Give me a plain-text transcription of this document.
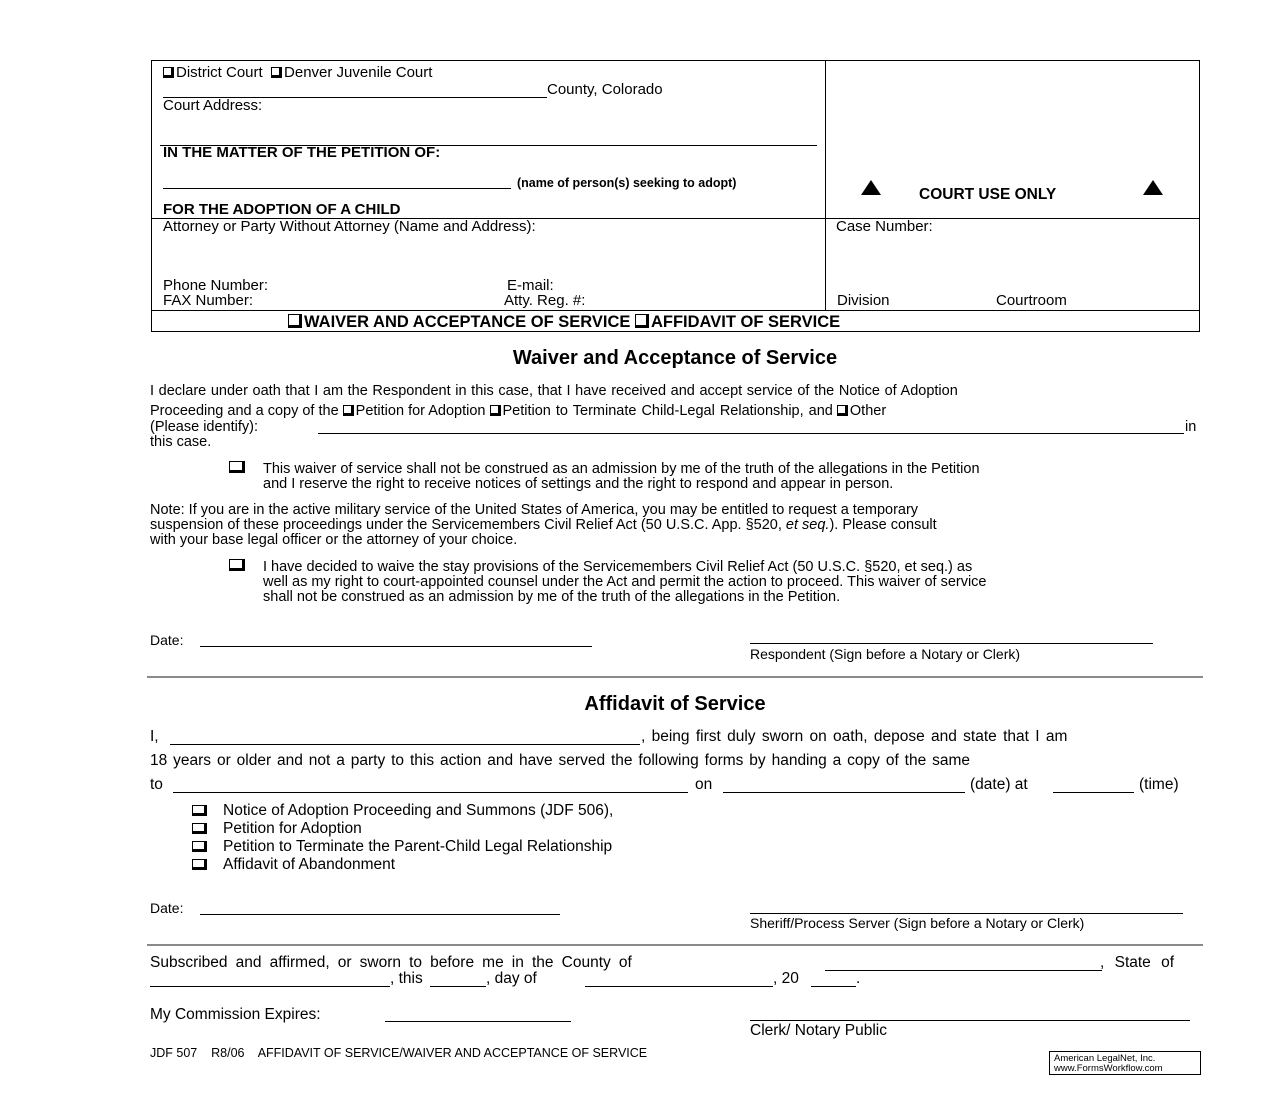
District Court Denver Juvenile Court
County, Colorado
Court Address:
IN THE MATTER OF THE PETITION OF:
(name of person(s) seeking to adopt)
FOR THE ADOPTION OF A CHILD
COURT USE ONLY
Attorney or Party Without Attorney (Name and Address):	Case Number:
Phone Number:	E-mail:
FAX Number:	Atty. Reg. #:	Division	Courtroom
WAIVER AND ACCEPTANCE OF SERVICE AFFIDAVIT OF SERVICE
Waiver and Acceptance of Service
I declare under oath that I am the Respondent in this case, that I have received and accept service of the Notice of Adoption
Proceeding and a copy of the Petition for Adoption Petition to Terminate Child-Legal Relationship, and Other
(Please identify):	in
this case.
This waiver of service shall not be construed as an admission by me of the truth of the allegations in the Petition
and I reserve the right to receive notices of settings and the right to respond and appear in person.
Note: If you are in the active military service of the United States of America, you may be entitled to request a temporary
suspension of these proceedings under the Servicemembers Civil Relief Act (50 U.S.C. App. §520, et seq.). Please consult
with your base legal officer or the attorney of your choice.
I have decided to waive the stay provisions of the Servicemembers Civil Relief Act (50 U.S.C. §520, et seq.) as
well as my right to court-appointed counsel under the Act and permit the action to proceed. This waiver of service
shall not be construed as an admission by me of the truth of the allegations in the Petition.
Date:
Respondent (Sign before a Notary or Clerk)
Affidavit of Service
I,	, being first duly sworn on oath, depose and state that I am
18 years or older and not a party to this action and have served the following forms by handing a copy of the same
to	on	(date) at	(time)
Notice of Adoption Proceeding and Summons (JDF 506),
Petition for Adoption
Petition to Terminate the Parent-Child Legal Relationship
Affidavit of Abandonment
Date:
Sheriff/Process Server (Sign before a Notary or Clerk)
Subscribed and affirmed, or sworn to before me in the County of	, State of
, this	, day of	, 20	.
My Commission Expires:
Clerk/ Notary Public
JDF 507    R8/06    AFFIDAVIT OF SERVICE/WAIVER AND ACCEPTANCE OF SERVICE	American LegalNet, Inc.
www.FormsWorkflow.com
